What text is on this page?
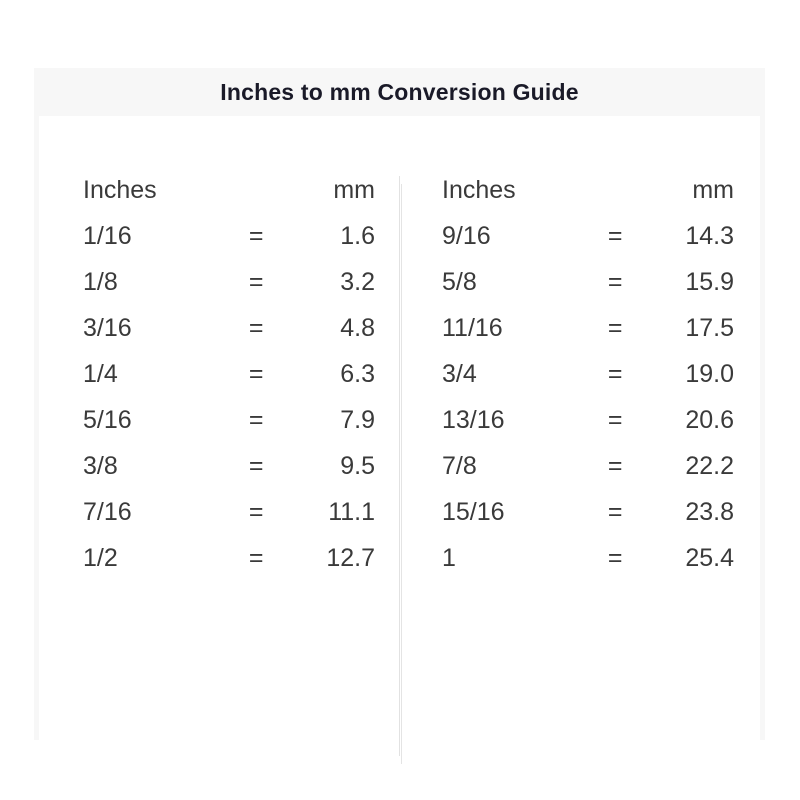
Inches to mm Conversion Guide
Inches		mm
1/16	=	1.6
1/8	=	3.2
3/16	=	4.8
1/4	=	6.3
5/16	=	7.9
3/8	=	9.5
7/16	=	11.1
1/2	=	12.7
Inches		mm
9/16	=	14.3
5/8	=	15.9
11/16	=	17.5
3/4	=	19.0
13/16	=	20.6
7/8	=	22.2
15/16	=	23.8
1	=	25.4
